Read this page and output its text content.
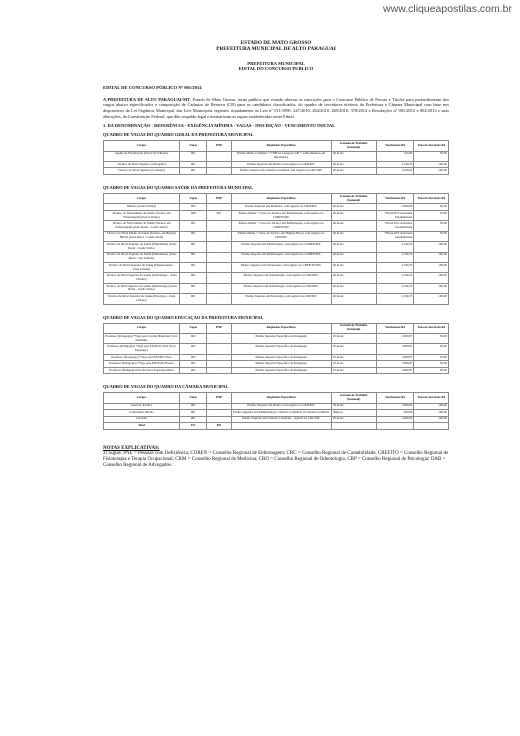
www.cliqueapostilas.com.br
ESTADO DE MATO GROSSO
PREFEITURA MUNICIPAL DE ALTO PARAGUAI
PREFEITURA MUNICIPAL
EDITAL DO CONCURSO PUBLICO
EDITAL DE CONCURSO PÚBLICO Nº 001/2014
A PREFEITURA DE ALTO PARAGUAI-MT, Estado de Mato Grosso, torna público que estarão abertas as inscrições para o Concurso Público de Provas e Títulos para preenchimento dos cargos abaixo especificados e composição de Cadastro de Reserva (CR) para os candidatos classificados, do quadro de servidores efetivos da Prefeitura e Câmara Municipal com base nos dispositivos da Lei Orgânica Municipal, das Leis Municipais vigentes, notadamente as Leis nº 011/1990, 247/2010, 264/2010, 265/2010, 378/2014 e Resoluções nº 001/2012 e 002/2013 e suas alterações, da Constituição Federal, que dão respaldo legal e normatizam as regras estabelecidas neste Edital.
1. DA DENOMINAÇÃO - REFERÊNCIA - EXIGÊNCIA MÍNIMA - VAGAS - INSCRIÇÃO - VENCIMENTO INICIAL
QUADRO DE VAGAS DO QUADRO GERAL DA PREFEITURA MUNICIPAL
Cargos	Vagas	PNE	Requisitos Específicos	Jornada de Trabalho (Semanal)	Vencimento R$	Taxa de Inscrição R$
Agente de Fiscalização (Fiscal de Tributos)	001	-	Ensino Médio Completo + CNH na Categoria AB + conhecimentos em informática	40 horas	724,00	50,00
Técnico de Nível Superior (Advogado)	001	-	Ensino Superior em Direito com registro na OAB/MT.	40 horas	2.190,33	100,00
Técnico de Nível Superior (Contador)	001	-	Ensino Superior em Ciências Contábeis com registro no CRC/MT.	40 horas	3.100,00	100,00
QUADRO DE VAGAS DO QUADRO SAÚDE DA PREFEITURA MUNICIPAL
Cargos	Vagas	PNE	Requisitos Específicos	Jornada de Trabalho (Semanal)	Vencimento R$	Taxa de Inscrição R$
Médico (Zona Urbana)	003	-	Ensino Superior em Medicina, com registro no CRM/MT.	40 horas	2.000,00	50,00
Técnico de Nível Médio de Saúde (Técnico em Enfermagem) (Zona Urbana)	008	001	Ensino Médio + Curso de Técnico em Enfermagem, com registro no COREN/MT.	40 horas	793,44 20% Adicional Insalubridade	50,00
Técnico de Nível Médio de Saúde (Técnico em Enfermagem) (Zona Rural - Capão Verde)	001	-	Ensino Médio + Curso de Técnico em Enfermagem, com registro no COREN/MT.	40 horas	793,44 20% Adicional Insalubridade	50,00
Técnico de Nível Médio de Saúde (Técnico em Higiene Bucal) (Zona Rural - Capão Verde)	001	-	Ensino Médio + Curso de Técnico em Higiene Bucal, com registro no CRO/MT.	40 horas	793,44 20% Adicional Insalubridade	50,00
Técnico de Nível Superior de Saúde (Enfermeiro) (Zona Rural - Capão Verde)	001	-	Ensino Superior em Enfermagem, com registro no COREN/MT.	40 horas	2.190,33	100,00
Técnico de Nível Superior de Saúde (Enfermeiro) (Zona Rural - Tira Sentido)	001	-	Ensino Superior em Enfermagem, com registro no COREN/MT.	40 horas	2.190,33	100,00
Técnico de Nível Superior de Saúde (Fisioterapeuta - Zona Urbana)	001	-	Ensino Superior em Fisioterapia, com registro no CREFITO/MT.	40 horas	2.190,33	100,00
Técnico de Nível Superior de Saúde (Odontólogo - Zona Urbana)	001	-	Ensino Superior em Odontologia, com registro no CRO/MT.	40 horas	2.190,33	100,00
Técnico de Nível Superior de Saúde (Odontólogo) (Zona Rural - Capão Verde)	001	-	Ensino Superior em Odontologia, com registro no CRO/MT.	40 horas	2.190,33	100,00
Técnico de Nível Superior de Saúde (Psicólogo - Zona Urbana)	001	-	Ensino Superior em Psicologia, com registro no CRP/MT.	40 horas	2.190,33	100,00
QUADRO DE VAGAS DO QUADRO EDUCAÇÃO DA PREFEITURA MUNICIPAL
Cargos	Vagas	PNE	Requisitos Específicos	Jornada de Trabalho (Semanal)	Vencimento R$	Taxa de Inscrição R$
Professor (Pedagogia) *Vaga para Creche Municipal Vovó Nenzinha	002	-	Ensino Superior Específico de Pedagogia	25 horas	1.000,87	50,00
Professor (Pedagogia) *Vaga para EM Bela Vista Nova Esperança	002	-	Ensino Superior Específico de Pedagogia	25 horas	1.000,87	50,00
Professor (Pedagogia) *Vaga para EM Boa Vista	004	-	Ensino Superior Específico de Pedagogia	25 horas	1.000,87	50,00
Professor (Pedagogia) *Vaga para EM Padre Bazote	002	-	Ensino Superior Específico de Pedagogia	25 horas	1.000,87	50,00
Professor (Pedagogia) Escola Nova Esperança/Pista	002	-	Ensino Superior Específico de Pedagogia	25 horas	1.000,87	50,00
QUADRO DE VAGAS DO QUADRO DA CÂMARA MUNICIPAL
Cargos	Vagas	PNE	Requisitos Específicos	Jornada de Trabalho (Semanal)	Vencimento R$	Taxa de Inscrição R$
Assessor Jurídico	001	-	Ensino Superior em Direito com registro na OAB/MT.	30 horas	1.000,00	100,00
Controlador Interno	001	-	Ensino Superior em Administração, Ciências Contábeis, Economia ou Direito	30horas	900,00	100,00
Contador	001	-	Ensino Superior em Ciências Contábeis - registro no CRC/MT.	20 horas	1.400,00	100,00
Total	037	001				
NOTAS EXPLICATIVAS:
1) Siglas: PNE = Pessoas com Deficiência; COREN = Conselho Regional de Enfermagem; CRC = Conselho Regional de Contabilidade; CREFITO = Conselho Regional de Fisioterapia e Terapia Ocupacional; CRM = Conselho Regional de Medicina; CRO = Conselho Regional de Odontologia; CRP = Conselho Regional de Psicologia; OAB = Conselho Regional de Advogados.
